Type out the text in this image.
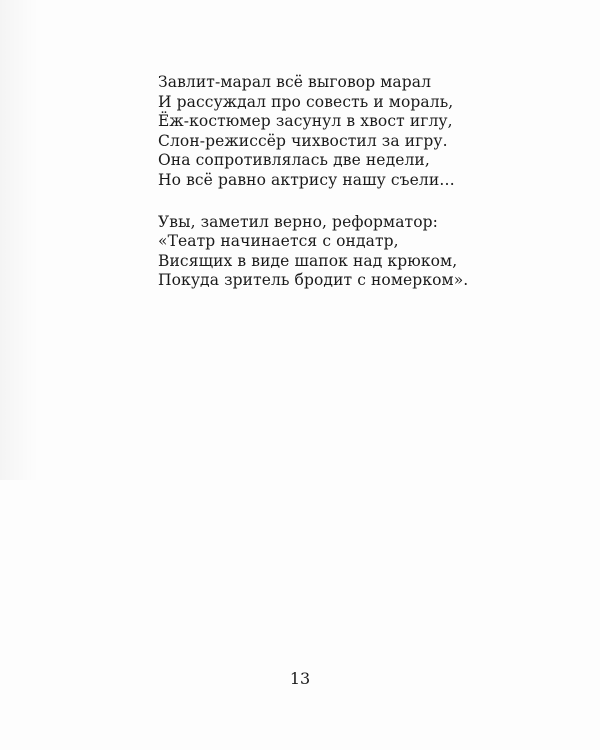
Завлит-марал всё выговор марал
И рассуждал про совесть и мораль,
Ёж-костюмер засунул в хвост иглу,
Слон-режиссёр чихвостил за игру.
Она сопротивлялась две недели,
Но всё равно актрису нашу съели…
Увы, заметил верно, реформатор:
«Театр начинается с ондатр,
Висящих в виде шапок над крюком,
Покуда зритель бродит с номерком».
13
